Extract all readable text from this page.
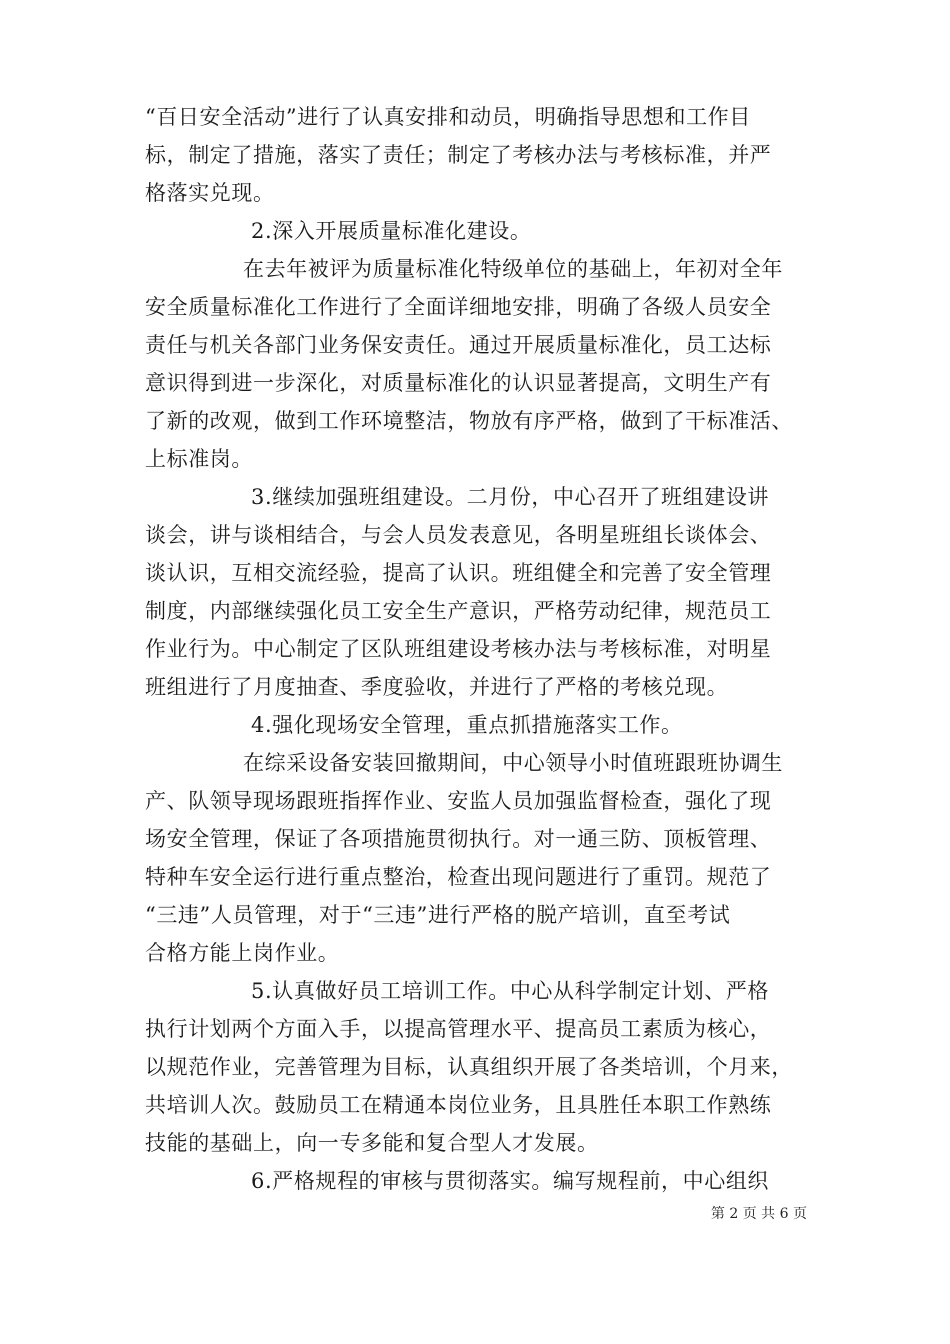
“百日安全活动”进行了认真安排和动员，明确指导思想和工作目
标，制定了措施，落实了责任；制定了考核办法与考核标准，并严
格落实兑现。
2.深入开展质量标准化建设。
在去年被评为质量标准化特级单位的基础上，年初对全年
安全质量标准化工作进行了全面详细地安排，明确了各级人员安全
责任与机关各部门业务保安责任。通过开展质量标准化，员工达标
意识得到进一步深化，对质量标准化的认识显著提高，文明生产有
了新的改观，做到工作环境整洁，物放有序严格，做到了干标准活、
上标准岗。
3.继续加强班组建设。二月份，中心召开了班组建设讲
谈会，讲与谈相结合，与会人员发表意见，各明星班组长谈体会、
谈认识，互相交流经验，提高了认识。班组健全和完善了安全管理
制度，内部继续强化员工安全生产意识，严格劳动纪律，规范员工
作业行为。中心制定了区队班组建设考核办法与考核标准，对明星
班组进行了月度抽查、季度验收，并进行了严格的考核兑现。
4.强化现场安全管理，重点抓措施落实工作。
在综采设备安装回撤期间，中心领导小时值班跟班协调生
产、队领导现场跟班指挥作业、安监人员加强监督检查，强化了现
场安全管理，保证了各项措施贯彻执行。对一通三防、顶板管理、
特种车安全运行进行重点整治，检查出现问题进行了重罚。规范了
“三违”人员管理，对于“三违”进行严格的脱产培训，直至考试
合格方能上岗作业。
5.认真做好员工培训工作。中心从科学制定计划、严格
执行计划两个方面入手，以提高管理水平、提高员工素质为核心，
以规范作业，完善管理为目标，认真组织开展了各类培训，个月来，
共培训人次。鼓励员工在精通本岗位业务，且具胜任本职工作熟练
技能的基础上，向一专多能和复合型人才发展。
6.严格规程的审核与贯彻落实。编写规程前，中心组织
第 2 页 共 6 页
